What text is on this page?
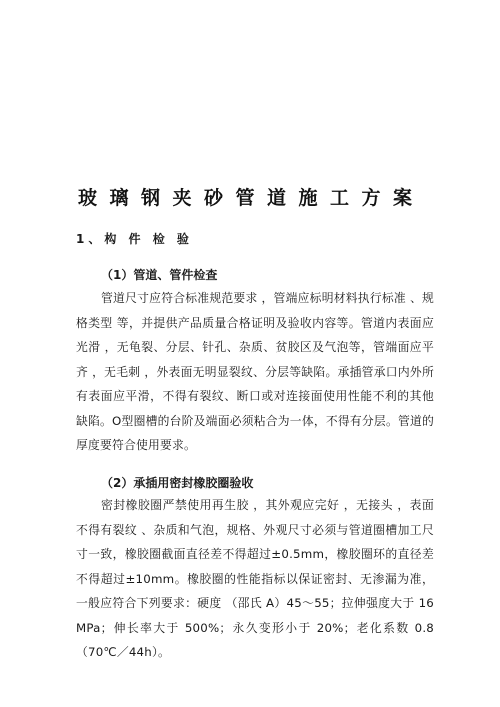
玻璃钢夹砂管道施工方案
1、构 件 检 验
（1）管道、管件检查

管道尺寸应符合标准规范要求 ，管端应标明材料执行标准 、规格类型 等，并提供产品质量合格证明及验收内容等。管道内表面应光滑 ，无龟裂、分层、针孔、杂质、贫胶区及气泡等，管端面应平齐 ，无毛刺 ，外表面无明显裂纹、分层等缺陷。承插管承口内外所有表面应平滑，不得有裂纹、断口或对连接面使用性能不利的其他缺陷。O型圈槽的台阶及端面必须粘合为一体，不得有分层。管道的厚度要符合使用要求。

（2）承插用密封橡胶圈验收

密封橡胶圈严禁使用再生胶 ，其外观应完好 ，无接头 ，表面不得有裂纹 、杂质和气泡，规格、外观尺寸必须与管道圈槽加工尺寸一致，橡胶圈截面直径差不得超过±0.5mm，橡胶圈环的直径差不得超过±10mm。橡胶圈的性能指标以保证密封、无渗漏为准，一般应符合下列要求：硬度 （邵氏 A）45～55；拉伸强度大于 16 MPa；伸长率大于 500%；永久变形小于 20%；老化系数 0.8 （70℃／44h）。
